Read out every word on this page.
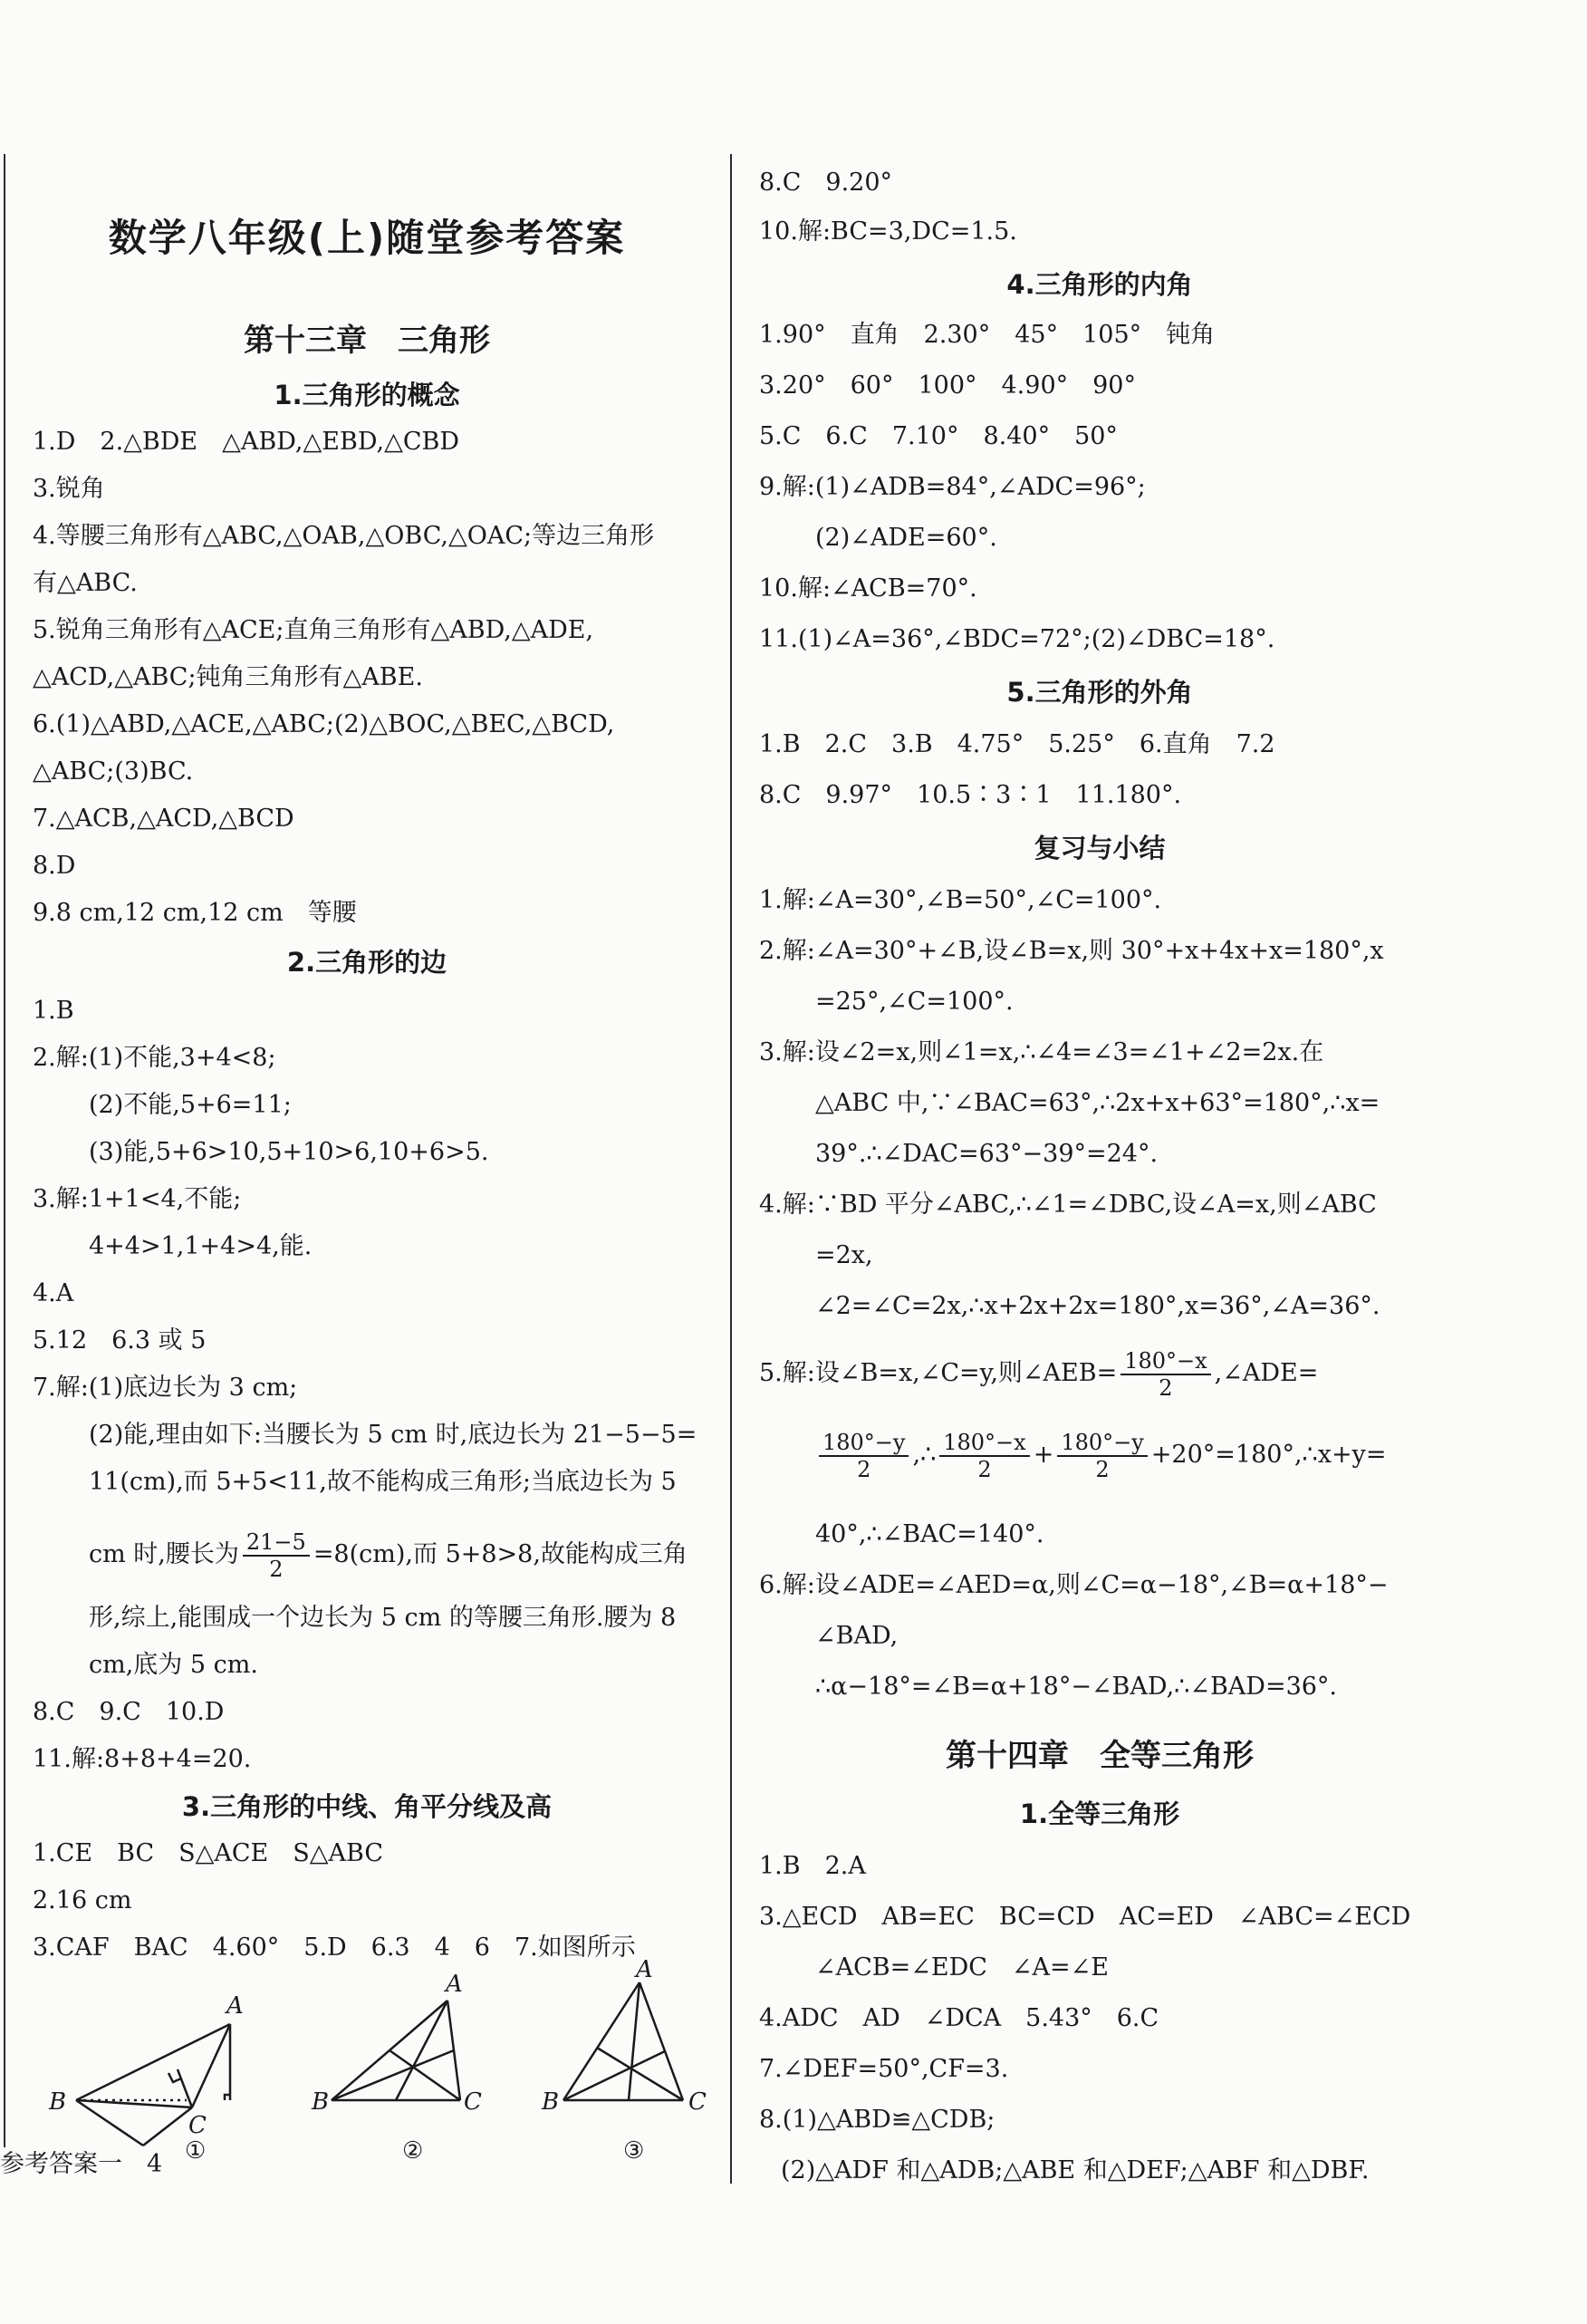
数学八年级(上)随堂参考答案
第十三章　三角形
1.三角形的概念
1.D　2.△BDE　△ABD,△EBD,△CBD
3.锐角
4.等腰三角形有△ABC,△OAB,△OBC,△OAC;等边三角形
有△ABC.
5.锐角三角形有△ACE;直角三角形有△ABD,△ADE,
△ACD,△ABC;钝角三角形有△ABE.
6.(1)△ABD,△ACE,△ABC;(2)△BOC,△BEC,△BCD,
△ABC;(3)BC.
7.△ACB,△ACD,△BCD
8.D
9.8 cm,12 cm,12 cm　等腰
2.三角形的边
1.B
2.解:(1)不能,3+4<8;
(2)不能,5+6=11;
(3)能,5+6>10,5+10>6,10+6>5.
3.解:1+1<4,不能;
4+4>1,1+4>4,能.
4.A
5.12　6.3 或 5
7.解:(1)底边长为 3 cm;
(2)能,理由如下:当腰长为 5 cm 时,底边长为 21−5−5=
11(cm),而 5+5<11,故不能构成三角形;当底边长为 5
cm 时,腰长为 $\frac{21-5}{2} =8(cm)$,而 5+8>8,故能构成三角
形,综上,能围成一个边长为 5 cm 的等腰三角形.腰为 8
cm,底为 5 cm.
8.C　9.C　10.D
11.解:8+8+4=20.
3.三角形的中线、角平分线及高
1.CE　BC　S△ACE　S△ABC
2.16 cm
3.CAF　BAC　4.60°　5.D　6.3　4　6　7.如图所示
A
B
C
①
A
B	C
②
A
B	C
③
参考答案一　4
8.C　9.20°
10.解:BC=3,DC=1.5.
4.三角形的内角
1.90°　直角　2.30°　45°　105°　钝角
3.20°　60°　100°　4.90°　90°
5.C　6.C　7.10°　8.40°　50°
9.解:(1)∠ADB=84°,∠ADC=96°;
(2)∠ADE=60°.
10.解:∠ACB=70°.
11.(1)∠A=36°,∠BDC=72°;(2)∠DBC=18°.
5.三角形的外角
1.B　2.C　3.B　4.75°　5.25°　6.直角　7.2
8.C　9.97°　10.5∶3∶1　11.180°.
复习与小结
1.解:∠A=30°,∠B=50°,∠C=100°.
2.解:∠A=30°+∠B,设∠B=x,则 30°+x+4x+x=180°,x
=25°,∠C=100°.
3.解:设∠2=x,则∠1=x,∴∠4=∠3=∠1+∠2=2x.在
△ABC 中,∵∠BAC=63°,∴2x+x+63°=180°,∴x=
39°.∴∠DAC=63°−39°=24°.
4.解:∵BD 平分∠ABC,∴∠1=∠DBC,设∠A=x,则∠ABC
=2x,
∠2=∠C=2x,∴x+2x+2x=180°,x=36°,∠A=36°.
5.解:设∠B=x,∠C=y,则∠AEB= $\frac{180^\circ-x}{2}$ ,∠ADE=
$\frac{180^\circ-y}{2}$ ,∴ $\frac{180^\circ-x}{2} + \frac{180^\circ-y}{2}$ +20°=180°,∴x+y=
40°,∴∠BAC=140°.
6.解:设∠ADE=∠AED=α,则∠C=α−18°,∠B=α+18°−
∠BAD,
∴α−18°=∠B=α+18°−∠BAD,∴∠BAD=36°.
第十四章　全等三角形
1.全等三角形
1.B　2.A
3.△ECD　AB=EC　BC=CD　AC=ED　∠ABC=∠ECD
∠ACB=∠EDC　∠A=∠E
4.ADC　AD　∠DCA　5.43°　6.C
7.∠DEF=50°,CF=3.
8.(1)△ABD≌△CDB;
(2)△ADF 和△ADB;△ABE 和△DEF;△ABF 和△DBF.
